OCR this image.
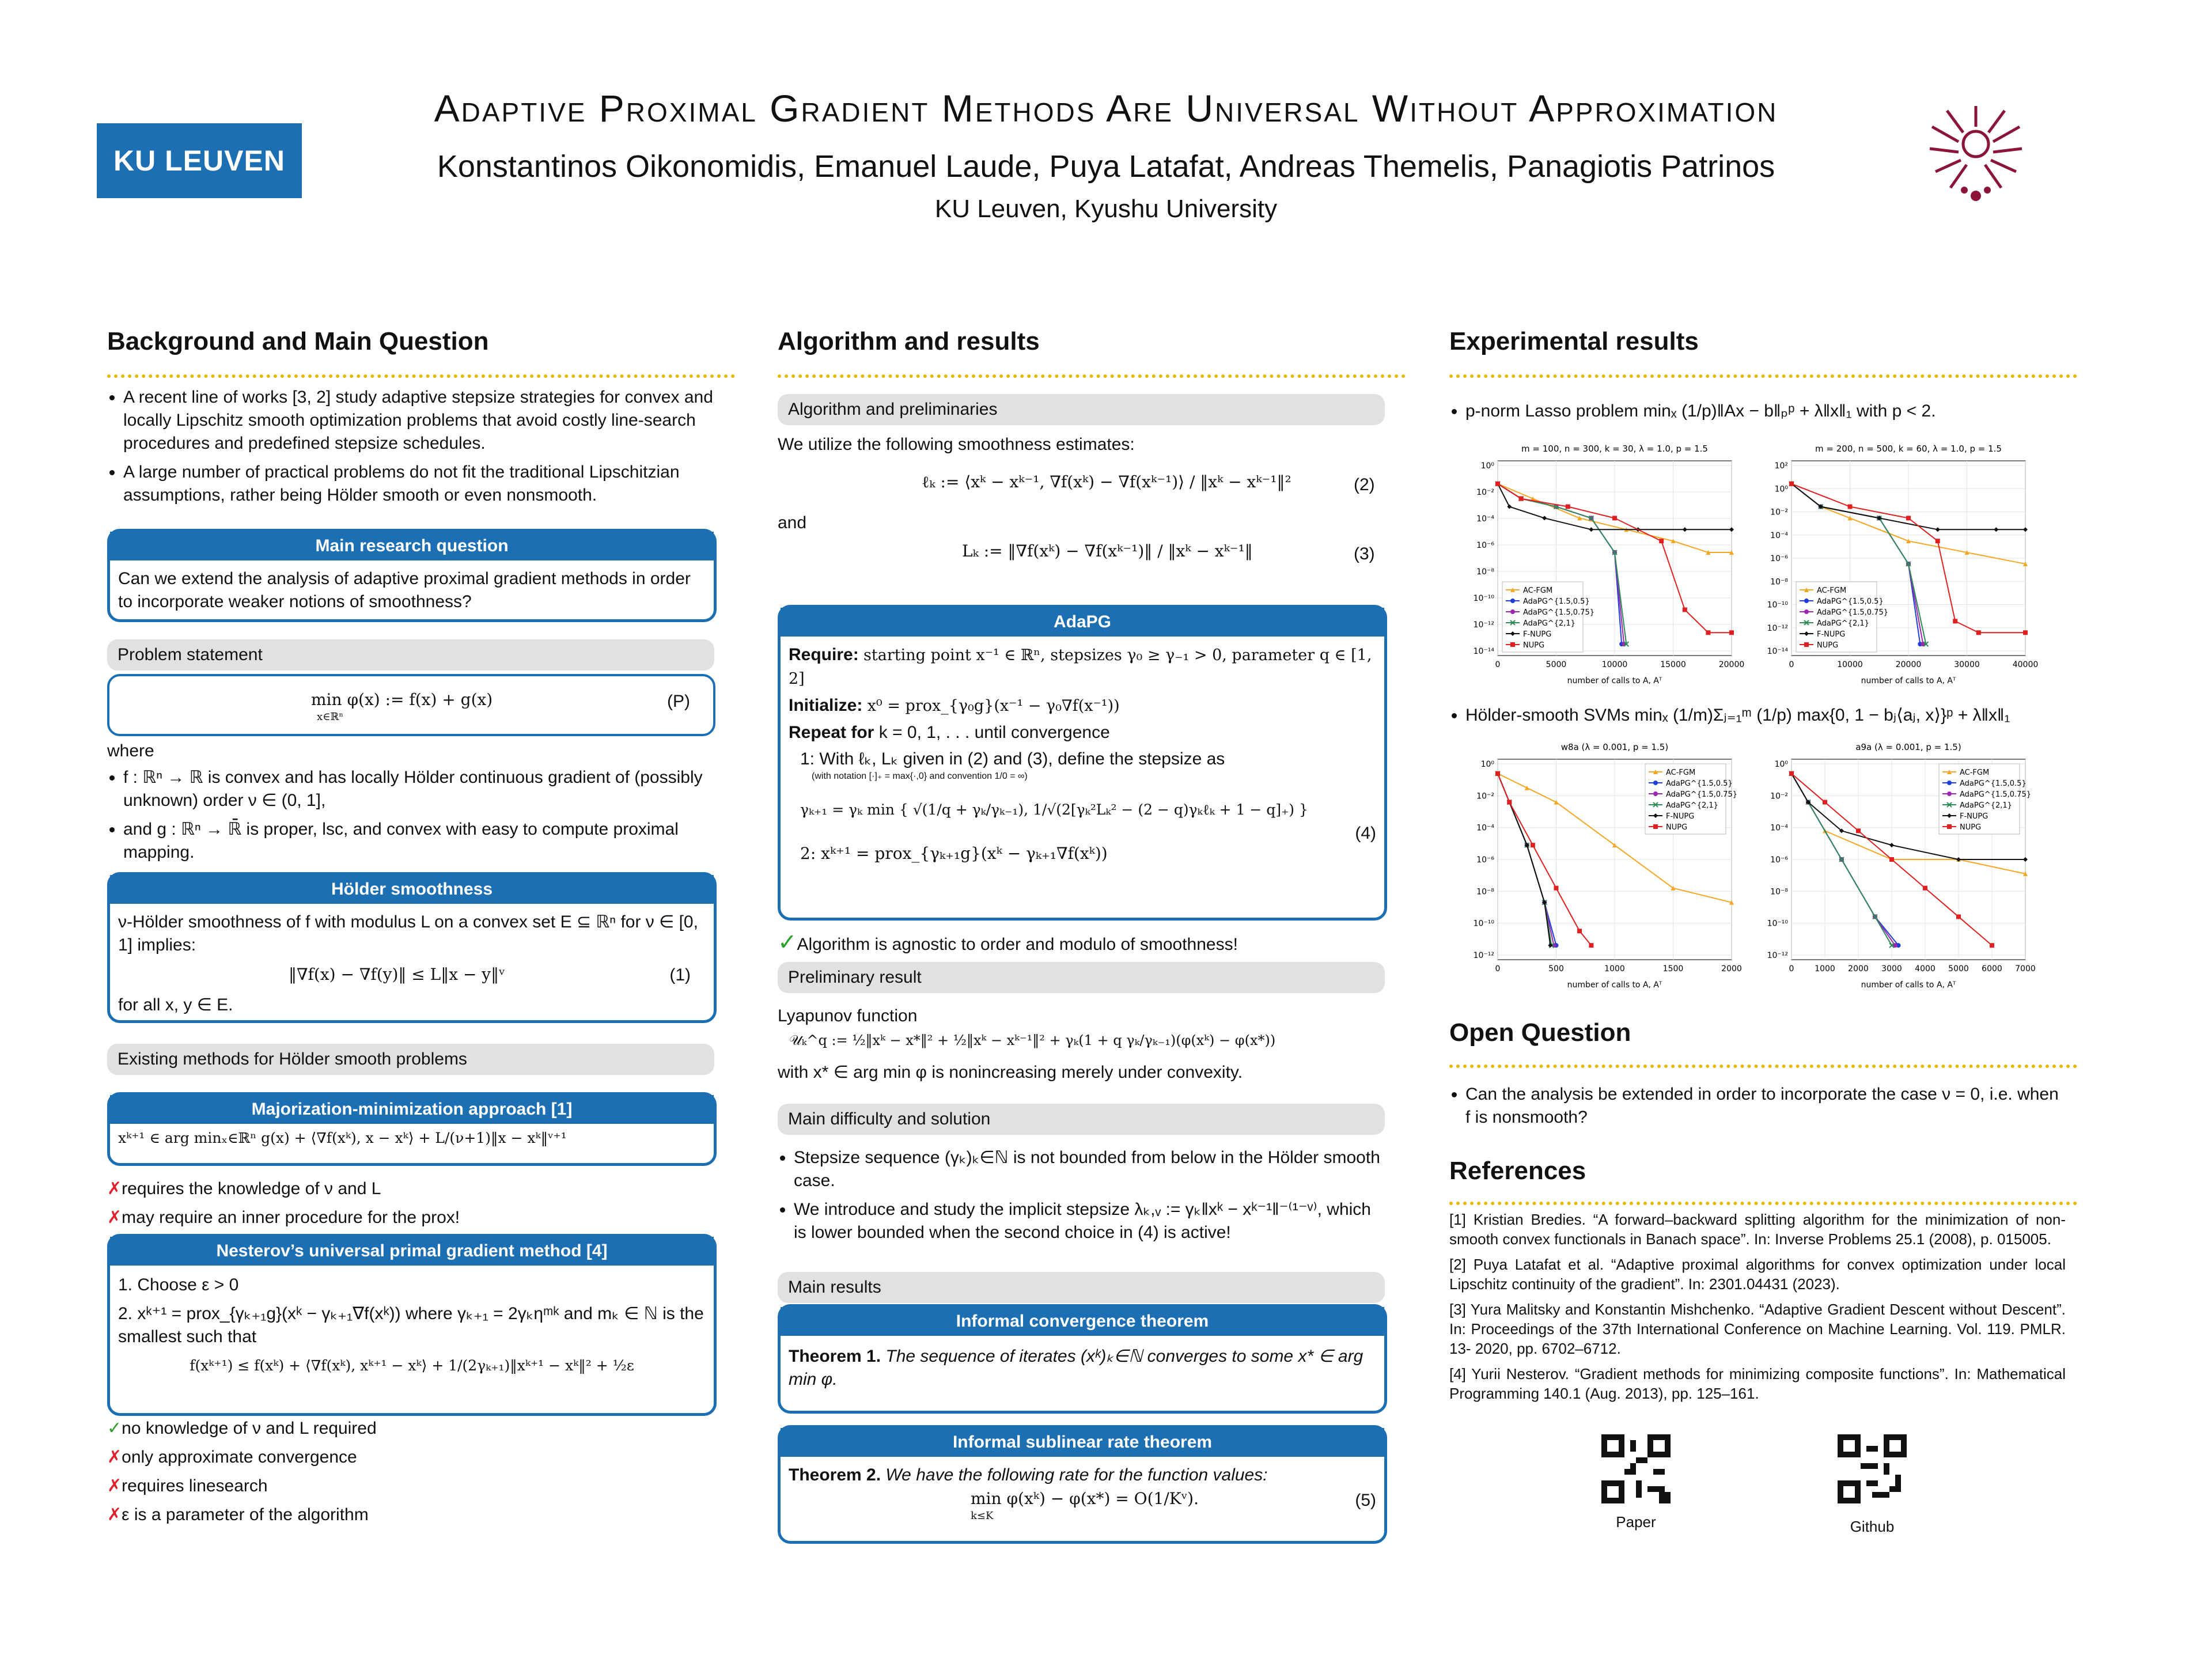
KU LEUVEN
Adaptive Proximal Gradient Methods Are Universal Without Approximation
Konstantinos Oikonomidis, Emanuel Laude, Puya Latafat, Andreas Themelis, Panagiotis Patrinos
KU Leuven, Kyushu University
Background and Main Question
• A recent line of works [3, 2] study adaptive stepsize strategies for convex and locally Lipschitz smooth optimization problems that avoid costly line-search procedures and predefined stepsize schedules.
• A large number of practical problems do not fit the traditional Lipschitzian assumptions, rather being Hölder smooth or even nonsmooth.
Main research question
Can we extend the analysis of adaptive proximal gradient methods in order to incorporate weaker notions of smoothness?
Problem statement
min φ(x) := f(x) + g(x)
x∈ℝⁿ
(P)
where
• f : ℝⁿ → ℝ is convex and has locally Hölder continuous gradient of (possibly unknown) order ν ∈ (0, 1],
• and g : ℝⁿ → ℝ̄ is proper, lsc, and convex with easy to compute proximal mapping.
Hölder smoothness
ν-Hölder smoothness of f with modulus L on a convex set E ⊆ ℝⁿ for ν ∈ [0, 1] implies:
‖∇f(x) − ∇f(y)‖ ≤ L‖x − y‖ᵛ	(1)
for all x, y ∈ E.
Existing methods for Hölder smooth problems
Majorization-minimization approach [1]
xᵏ⁺¹ ∈ arg minₓ∈ℝⁿ g(x) + ⟨∇f(xᵏ), x − xᵏ⟩ + L/(ν+1)‖x − xᵏ‖ᵛ⁺¹
✗requires the knowledge of ν and L
✗may require an inner procedure for the prox!
Nesterov’s universal primal gradient method [4]
1. Choose ε > 0
2. xᵏ⁺¹ = prox_{γₖ₊₁g}(xᵏ − γₖ₊₁∇f(xᵏ)) where γₖ₊₁ = 2γₖηᵐᵏ and mₖ ∈ ℕ is the smallest such that
f(xᵏ⁺¹) ≤ f(xᵏ) + ⟨∇f(xᵏ), xᵏ⁺¹ − xᵏ⟩ + 1/(2γₖ₊₁)‖xᵏ⁺¹ − xᵏ‖² + ½ε
✓no knowledge of ν and L required
✗only approximate convergence
✗requires linesearch
✗ε is a parameter of the algorithm
Algorithm and results
Algorithm and preliminaries
We utilize the following smoothness estimates:
ℓₖ := ⟨xᵏ − xᵏ⁻¹, ∇f(xᵏ) − ∇f(xᵏ⁻¹)⟩ / ‖xᵏ − xᵏ⁻¹‖²	(2)
and
Lₖ := ‖∇f(xᵏ) − ∇f(xᵏ⁻¹)‖ / ‖xᵏ − xᵏ⁻¹‖	(3)
AdaPG
Require: starting point x⁻¹ ∈ ℝⁿ, stepsizes γ₀ ≥ γ₋₁ > 0, parameter q ∈ [1, 2]
Initialize: x⁰ = prox_{γ₀g}(x⁻¹ − γ₀∇f(x⁻¹))
Repeat for k = 0, 1, . . . until convergence
1: With ℓₖ, Lₖ given in (2) and (3), define the stepsize as
(with notation [·]₊ = max{·,0} and convention 1/0 = ∞)
γₖ₊₁ = γₖ min { √(1/q + γₖ/γₖ₋₁), 1/√(2[γₖ²Lₖ² − (2 − q)γₖℓₖ + 1 − q]₊) }
(4)
2: xᵏ⁺¹ = prox_{γₖ₊₁g}(xᵏ − γₖ₊₁∇f(xᵏ))
✓Algorithm is agnostic to order and modulo of smoothness!
Preliminary result
Lyapunov function
𝒰ₖ^q := ½‖xᵏ − x*‖² + ½‖xᵏ − xᵏ⁻¹‖² + γₖ(1 + q γₖ/γₖ₋₁)(φ(xᵏ) − φ(x*))
with x* ∈ arg min φ is nonincreasing merely under convexity.
Main difficulty and solution
• Stepsize sequence (γₖ)ₖ∈ℕ is not bounded from below in the Hölder smooth case.
• We introduce and study the implicit stepsize λₖ,ᵥ := γₖ‖xᵏ − xᵏ⁻¹‖⁻⁽¹⁻ᵛ⁾, which is lower bounded when the second choice in (4) is active!
Main results
Informal convergence theorem
Theorem 1. The sequence of iterates (xᵏ)ₖ∈ℕ converges to some x* ∈ arg min φ.
Informal sublinear rate theorem
Theorem 2. We have the following rate for the function values:
min φ(xᵏ) − φ(x*) = O(1/Kᵛ).
k≤K
(5)
Experimental results
• p-norm Lasso problem minₓ (1/p)‖Ax − b‖ₚᵖ + λ‖x‖₁ with p < 2.
m = 100, n = 300, k = 30, λ = 1.0, p = 1.5
0	5000	10000	15000	20000
10⁰
10⁻²
10⁻⁴
10⁻⁶
10⁻⁸
10⁻¹⁰
10⁻¹²
10⁻¹⁴
number of calls to A, Aᵀ
AC-FGM
AdaPG^{1.5,0.5}
AdaPG^{1.5,0.75}
AdaPG^{2,1}
F-NUPG
NUPG
m = 200, n = 500, k = 60, λ = 1.0, p = 1.5
0	10000	20000	30000	40000
10²
10⁰
10⁻²
10⁻⁴
10⁻⁶
10⁻⁸
10⁻¹⁰
10⁻¹²
10⁻¹⁴
number of calls to A, Aᵀ
AC-FGM
AdaPG^{1.5,0.5}
AdaPG^{1.5,0.75}
AdaPG^{2,1}
F-NUPG
NUPG
• Hölder-smooth SVMs minₓ (1/m)Σⱼ₌₁ᵐ (1/p) max{0, 1 − bⱼ⟨aⱼ, x⟩}ᵖ + λ‖x‖₁
w8a (λ = 0.001, p = 1.5)
0	500	1000	1500	2000
10⁰
10⁻²
10⁻⁴
10⁻⁶
10⁻⁸
10⁻¹⁰
10⁻¹²
number of calls to A, Aᵀ
AC-FGM
AdaPG^{1.5,0.5}
AdaPG^{1.5,0.75}
AdaPG^{2,1}
F-NUPG
NUPG
a9a (λ = 0.001, p = 1.5)
0	1000 2000 3000 4000 5000 6000 7000
10⁰
10⁻²
10⁻⁴
10⁻⁶
10⁻⁸
10⁻¹⁰
10⁻¹²
number of calls to A, Aᵀ
AC-FGM
AdaPG^{1.5,0.5}
AdaPG^{1.5,0.75}
AdaPG^{2,1}
F-NUPG
NUPG
Open Question
• Can the analysis be extended in order to incorporate the case ν = 0, i.e. when f is nonsmooth?
References
[1] Kristian Bredies. “A forward–backward splitting algorithm for the minimization of non-smooth convex functionals in Banach space”. In: Inverse Problems 25.1 (2008), p. 015005.
[2] Puya Latafat et al. “Adaptive proximal algorithms for convex optimization under local Lipschitz continuity of the gradient”. In: 2301.04431 (2023).
[3] Yura Malitsky and Konstantin Mishchenko. “Adaptive Gradient Descent without Descent”. In: Proceedings of the 37th International Conference on Machine Learning. Vol. 119. PMLR. 13- 2020, pp. 6702–6712.
[4] Yurii Nesterov. “Gradient methods for minimizing composite functions”. In: Mathematical Programming 140.1 (Aug. 2013), pp. 125–161.
Paper	Github
